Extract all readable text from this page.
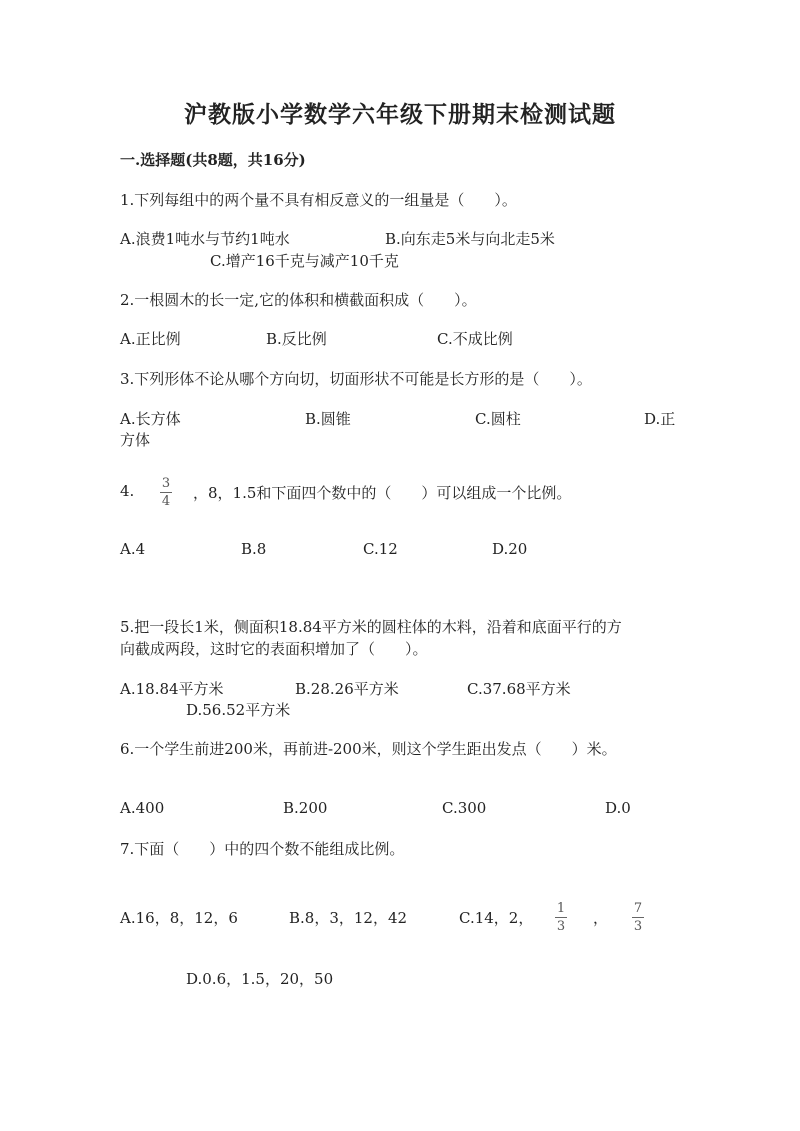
沪教版小学数学六年级下册期末检测试题
一.选择题(共8题，共16分)
1.下列每组中的两个量不具有相反意义的一组量是（　　）。
A.浪费1吨水与节约1吨水	B.向东走5米与向北走5米
C.增产16千克与减产10千克
2.一根圆木的长一定,它的体积和横截面积成（　　）。
A.正比例	B.反比例	C.不成比例
3.下列形体不论从哪个方向切，切面形状不可能是长方形的是（　　）。
A.长方体	B.圆锥	C.圆柱	D.正
方体
4. 3
4 ，8，1.5和下面四个数中的（　　）可以组成一个比例。
A.4	B.8	C.12	D.20
5.把一段长1米，侧面积18.84平方米的圆柱体的木料，沿着和底面平行的方
向截成两段，这时它的表面积增加了（　　）。
A.18.84平方米	B.28.26平方米	C.37.68平方米
D.56.52平方米
6.一个学生前进200米，再前进-200米，则这个学生距出发点（　　）米。
A.400	B.200	C.300	D.0
7.下面（　　）中的四个数不能组成比例。
A.16，8，12，6	B.8，3，12，42	C.14，2，
1
3 ，
7
3
D.0.6，1.5，20，50
